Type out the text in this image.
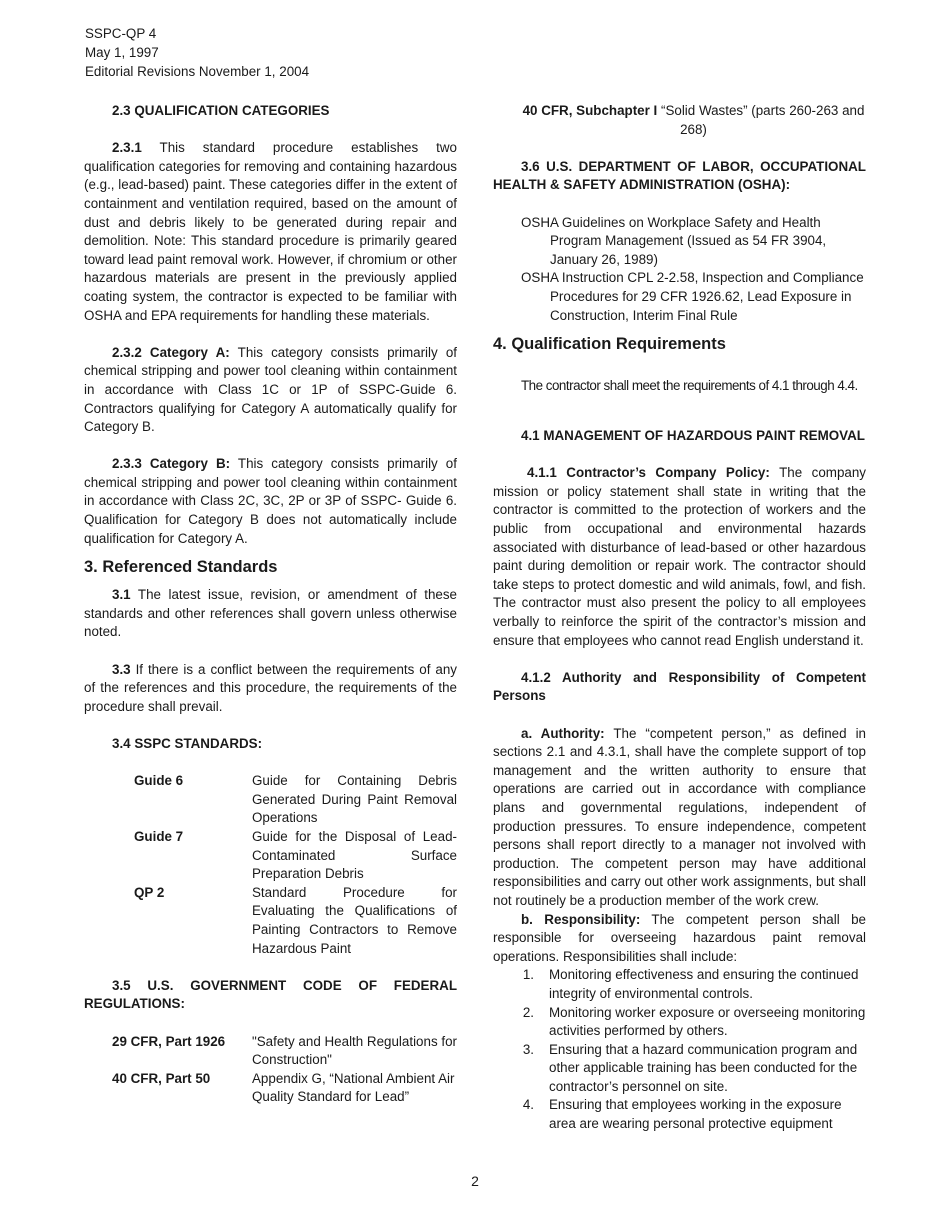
SSPC-QP 4
May 1, 1997
Editorial Revisions November 1, 2004

2.3 QUALIFICATION CATEGORIES

2.3.1 This standard procedure establishes two qualification categories for removing and containing hazardous (e.g., lead-based) paint. These categories differ in the extent of containment and ventilation required, based on the amount of dust and debris likely to be generated during repair and demolition. Note: This standard procedure is primarily geared toward lead paint removal work. However, if chromium or other hazardous materials are present in the previously applied coating system, the contractor is expected to be familiar with OSHA and EPA requirements for handling these materials.

2.3.2 Category A: This category consists primarily of chemical stripping and power tool cleaning within containment in accordance with Class 1C or 1P of SSPC-Guide 6. Contractors qualifying for Category A automatically qualify for Category B.

2.3.3 Category B: This category consists primarily of chemical stripping and power tool cleaning within containment in accordance with Class 2C, 3C, 2P or 3P of SSPC- Guide 6. Qualification for Category B does not automatically include qualification for Category A.

3. Referenced Standards

3.1 The latest issue, revision, or amendment of these standards and other references shall govern unless otherwise noted.

3.3 If there is a conflict between the requirements of any of the references and this procedure, the requirements of the procedure shall prevail.

3.4 SSPC STANDARDS:

Guide 6	Guide for Containing Debris Generated During Paint Removal Operations
Guide 7	Guide for the Disposal of Lead-Contaminated Surface Preparation Debris
QP 2	Standard Procedure for Evaluating the Qualifications of Painting Contractors to Remove Hazardous Paint

3.5 U.S. GOVERNMENT CODE OF FEDERAL REGULATIONS:

29 CFR, Part 1926	"Safety and Health Regulations for Construction"
40 CFR, Part 50	Appendix G, “National Ambient Air Quality Standard for Lead”
40 CFR, Subchapter I “Solid Wastes” (parts 260-263 and 268)

3.6 U.S. DEPARTMENT OF LABOR, OCCUPATIONAL HEALTH & SAFETY ADMINISTRATION (OSHA):

OSHA Guidelines on Workplace Safety and Health Program Management (Issued as 54 FR 3904, January 26, 1989)

OSHA Instruction CPL 2-2.58, Inspection and Compliance Procedures for 29 CFR 1926.62, Lead Exposure in Construction, Interim Final Rule

4. Qualification Requirements

The contractor shall meet the requirements of 4.1 through 4.4.

4.1 MANAGEMENT OF HAZARDOUS PAINT REMOVAL

4.1.1 Contractor’s Company Policy: The company mission or policy statement shall state in writing that the contractor is committed to the protection of workers and the public from occupational and environmental hazards associated with disturbance of lead-based or other hazardous paint during demolition or repair work. The contractor should take steps to protect domestic and wild animals, fowl, and fish. The contractor must also present the policy to all employees verbally to reinforce the spirit of the contractor’s mission and ensure that employees who cannot read English understand it.

4.1.2 Authority and Responsibility of Competent Persons

a. Authority: The “competent person,” as defined in sections 2.1 and 4.3.1, shall have the complete support of top management and the written authority to ensure that operations are carried out in accordance with compliance plans and governmental regulations, independent of production pressures. To ensure independence, competent persons shall report directly to a manager not involved with production. The competent person may have additional responsibilities and carry out other work assignments, but shall not routinely be a production member of the work crew.

b. Responsibility: The competent person shall be responsible for overseeing hazardous paint removal operations. Responsibilities shall include:

1.	Monitoring effectiveness and ensuring the continued integrity of environmental controls.
2.	Monitoring worker exposure or overseeing monitoring activities performed by others.
3.	Ensuring that a hazard communication program and other applicable training has been conducted for the contractor’s personnel on site.
4.	Ensuring that employees working in the exposure area are wearing personal protective equipment
2
